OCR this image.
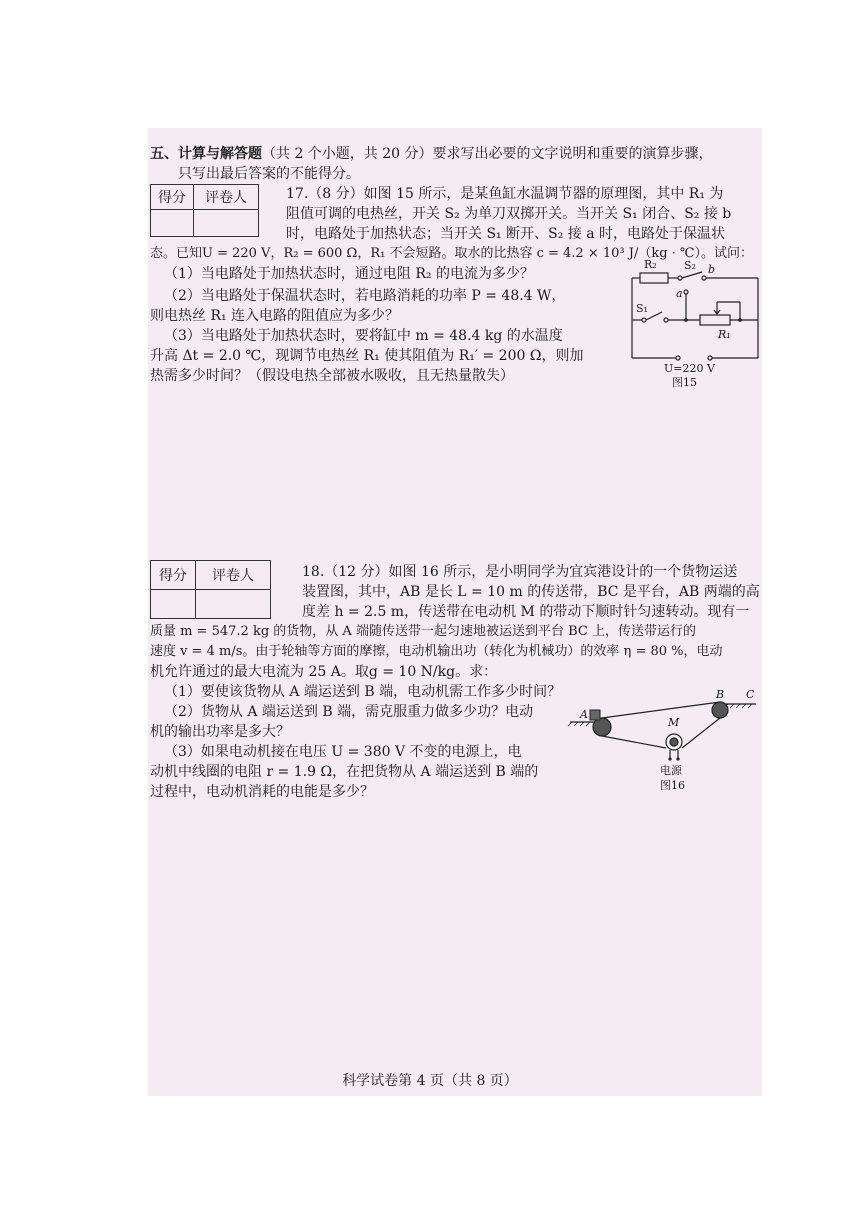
五、计算与解答题（共 2 个小题，共 20 分）要求写出必要的文字说明和重要的演算步骤，
只写出最后答案的不能得分。
得分	评卷人
		17.（8 分）如图 15 所示，是某鱼缸水温调节器的原理图，其中 R₁ 为
阻值可调的电热丝，开关 S₂ 为单刀双掷开关。当开关 S₁ 闭合、S₂ 接 b
时，电路处于加热状态；当开关 S₁ 断开、S₂ 接 a 时，电路处于保温状
态。已知U = 220 V，R₂ = 600 Ω，R₁ 不会短路。取水的比热容 c = 4.2 × 10³ J/（kg · ℃）。试问：
（1）当电路处于加热状态时，通过电阻 R₂ 的电流为多少？
（2）当电路处于保温状态时，若电路消耗的功率 P = 48.4 W，
则电热丝 R₁ 连入电路的阻值应为多少？
（3）当电路处于加热状态时，要将缸中 m = 48.4 kg 的水温度
升高 Δt = 2.0 ℃，现调节电热丝 R₁ 使其阻值为 R₁′ = 200 Ω，则加
热需多少时间？（假设电热全部被水吸收，且无热量散失）
R₂ S₂ b
a
S₁
R₁
U=220 V
图15
得分	评卷人
		18.（12 分）如图 16 所示，是小明同学为宜宾港设计的一个货物运送
装置图，其中，AB 是长 L = 10 m 的传送带，BC 是平台，AB 两端的高
度差 h = 2.5 m，传送带在电动机 M 的带动下顺时针匀速转动。现有一
质量 m = 547.2 kg 的货物，从 A 端随传送带一起匀速地被运送到平台 BC 上，传送带运行的
速度 v = 4 m/s。由于轮轴等方面的摩擦，电动机输出功（转化为机械功）的效率 η = 80 %，电动
机允许通过的最大电流为 25 A。取g = 10 N/kg。求：
（1）要使该货物从 A 端运送到 B 端，电动机需工作多少时间？
（2）货物从 A 端运送到 B 端，需克服重力做多少功？电动
机的输出功率是多大？
（3）如果电动机接在电压 U = 380 V 不变的电源上，电
动机中线圈的电阻 r = 1.9 Ω，在把货物从 A 端运送到 B 端的
过程中，电动机消耗的电能是多少？
A
B C
M
电源
图16
科学试卷第 4 页（共 8 页）
